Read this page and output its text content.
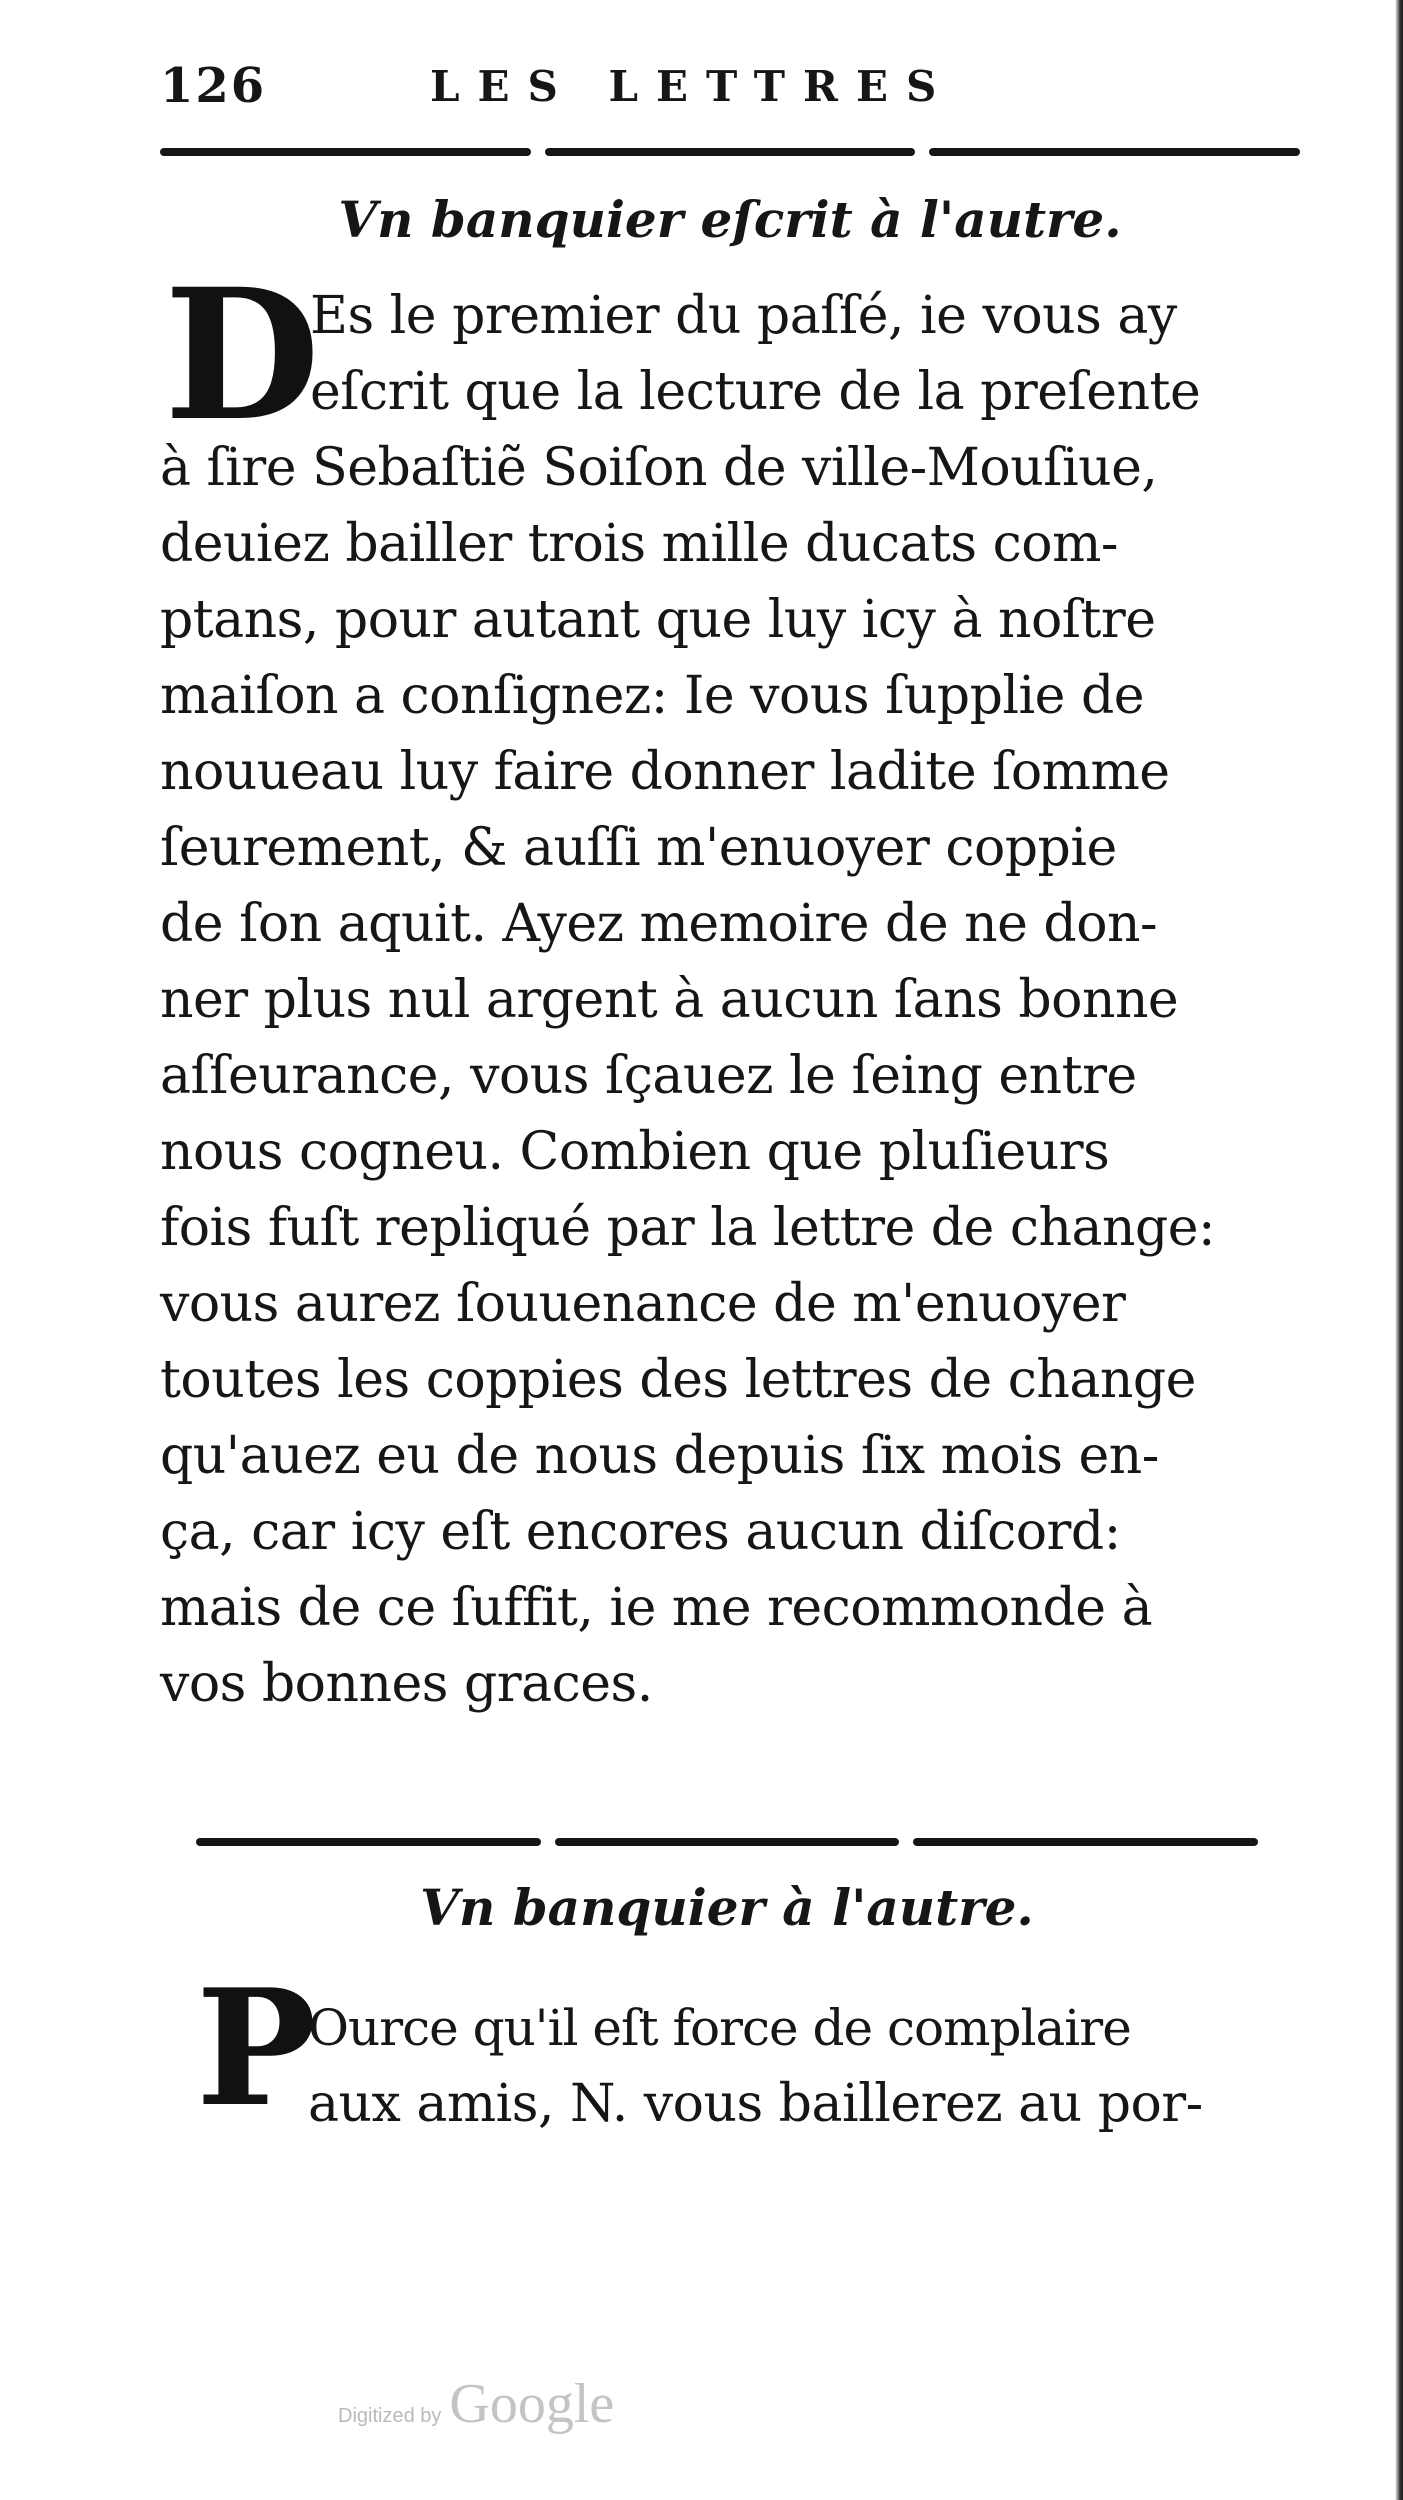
126	LES LETTRES
Vn banquier eſcrit à l'autre.
D
Es le premier du paſſé, ie vous ay
eſcrit que la lecture de la preſente
à ſire Sebaſtiẽ Soiſon de ville-Mouſiue,
deuiez bailler trois mille ducats com-
ptans, pour autant que luy icy à noſtre
maiſon a conſignez: Ie vous ſupplie de
nouueau luy faire donner ladite ſomme
ſeurement, & auſſi m'enuoyer coppie
de ſon aquit. Ayez memoire de ne don-
ner plus nul argent à aucun ſans bonne
aſſeurance, vous ſçauez le ſeing entre
nous cogneu. Combien que pluſieurs
fois fuſt repliqué par la lettre de change:
vous aurez ſouuenance de m'enuoyer
toutes les coppies des lettres de change
qu'auez eu de nous depuis ſix mois en-
ça, car icy eſt encores aucun diſcord:
mais de ce ſuffit, ie me recommonde à
vos bonnes graces.
Vn banquier à l'autre.
P
Ource qu'il eſt force de complaire
aux amis, N. vous baillerez au por-
Digitized by Google
